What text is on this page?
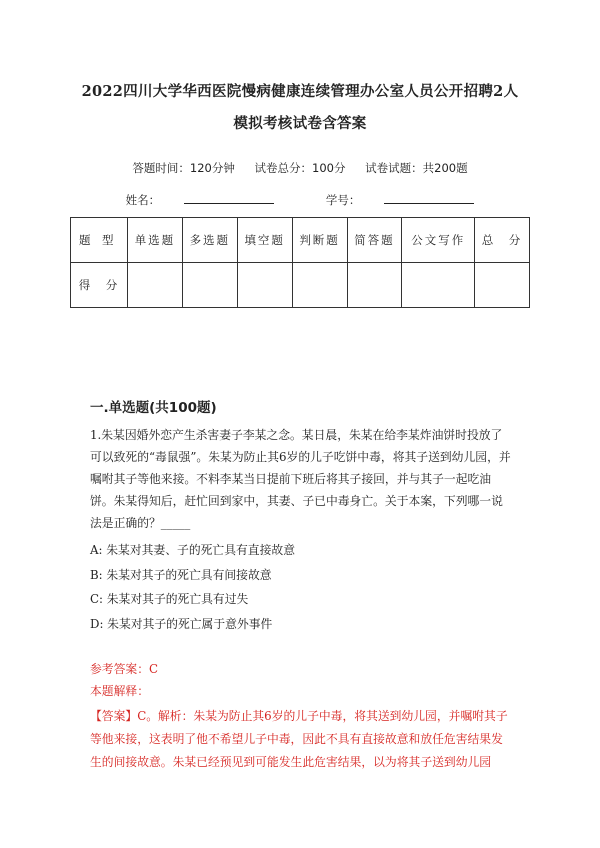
2022四川大学华西医院慢病健康连续管理办公室人员公开招聘2人
模拟考核试卷含答案
答题时间：120分钟 试卷总分：100分 试卷试题：共200题
姓名：	学号：
题　型	单选题	多选题	填空题	判断题	简答题	公文写作	总　分
得　分							
一.单选题(共100题)
1.朱某因婚外恋产生杀害妻子李某之念。某日晨，朱某在给李某炸油饼时投放了可以致死的“毒鼠强”。朱某为防止其6岁的儿子吃饼中毒，将其子送到幼儿园，并嘱咐其子等他来接。不料李某当日提前下班后将其子接回，并与其子一起吃油饼。朱某得知后，赶忙回到家中，其妻、子已中毒身亡。关于本案，下列哪一说法是正确的？_____
A: 朱某对其妻、子的死亡具有直接故意
B: 朱某对其子的死亡具有间接故意
C: 朱某对其子的死亡具有过失
D: 朱某对其子的死亡属于意外事件
参考答案：C
本题解释：
【答案】C。解析：朱某为防止其6岁的儿子中毒，将其送到幼儿园，并嘱咐其子等他来接，这表明了他不希望儿子中毒，因此不具有直接故意和放任危害结果发生的间接故意。朱某已经预见到可能发生此危害结果，以为将其子送到幼儿园
